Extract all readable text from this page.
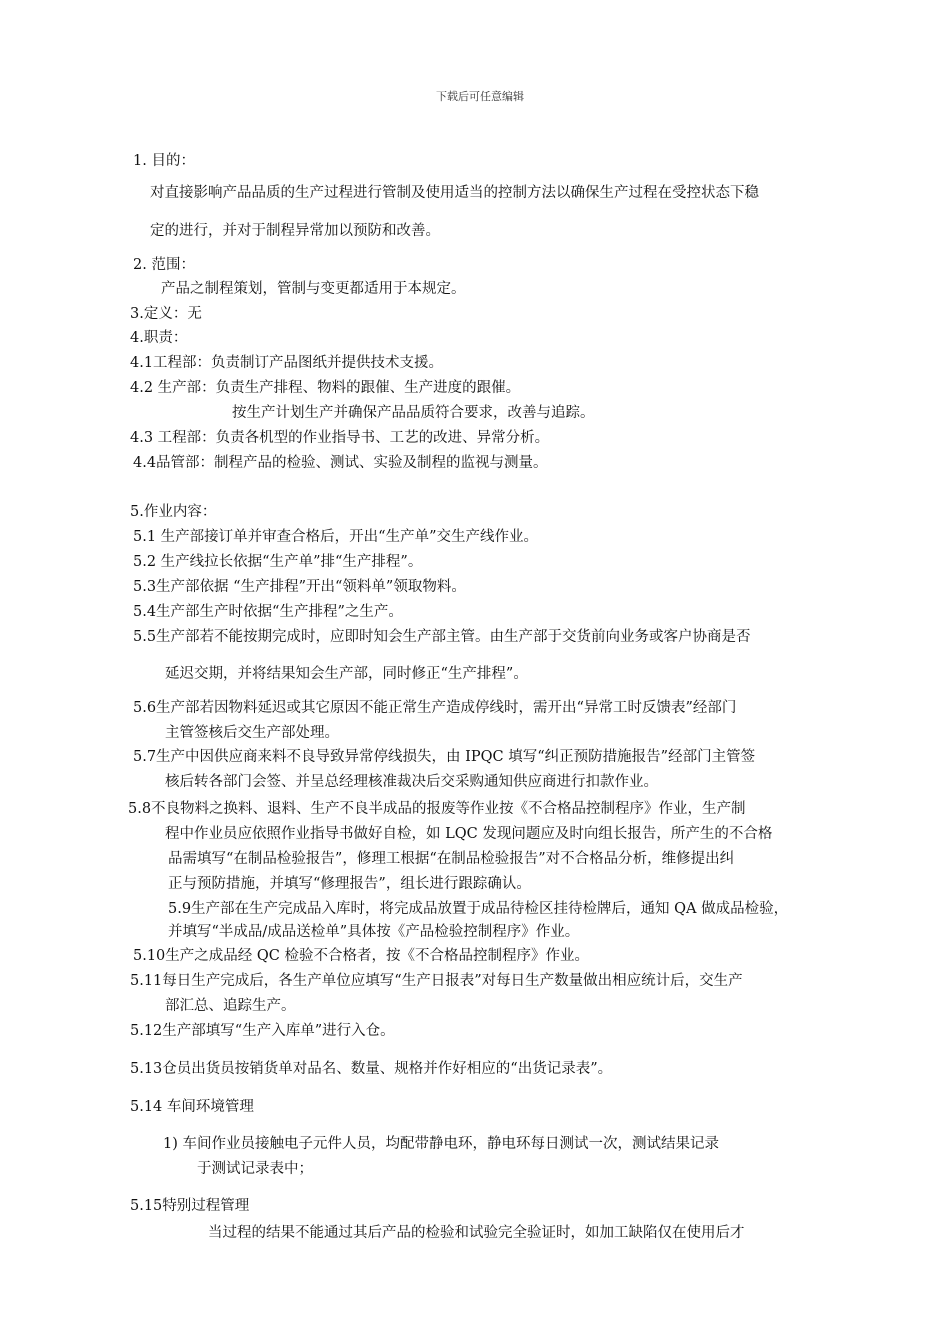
下载后可任意编辑
1. 目的：
对直接影响产品品质的生产过程进行管制及使用适当的控制方法以确保生产过程在受控状态下稳
定的进行，并对于制程异常加以预防和改善。
2. 范围：
产品之制程策划，管制与变更都适用于本规定。
3.定义：无
4.职责：
4.1工程部：负责制订产品图纸并提供技术支援。
4.2 生产部：负责生产排程、物料的跟催、生产进度的跟催。
按生产计划生产并确保产品品质符合要求，改善与追踪。
4.3 工程部：负责各机型的作业指导书、工艺的改进、异常分析。
4.4品管部：制程产品的检验、测试、实验及制程的监视与测量。
5.作业内容：
5.1 生产部接订单并审查合格后，开出“生产单”交生产线作业。
5.2 生产线拉长依据“生产单”排“生产排程”。
5.3生产部依据 “生产排程”开出“领料单”领取物料。
5.4生产部生产时依据“生产排程”之生产。
5.5生产部若不能按期完成时，应即时知会生产部主管。由生产部于交货前向业务或客户协商是否
延迟交期，并将结果知会生产部，同时修正“生产排程”。
5.6生产部若因物料延迟或其它原因不能正常生产造成停线时，需开出“异常工时反馈表”经部门
主管签核后交生产部处理。
5.7生产中因供应商来料不良导致异常停线损失，由 IPQC 填写“纠正预防措施报告”经部门主管签
核后转各部门会签、并呈总经理核准裁决后交采购通知供应商进行扣款作业。
5.8不良物料之换料、退料、生产不良半成品的报废等作业按《不合格品控制程序》作业，生产制
程中作业员应依照作业指导书做好自检，如 LQC 发现问题应及时向组长报告，所产生的不合格
品需填写“在制品检验报告”，修理工根据“在制品检验报告”对不合格品分析，维修提出纠
正与预防措施，并填写“修理报告”，组长进行跟踪确认。
5.9生产部在生产完成品入库时，将完成品放置于成品待检区挂待检牌后，通知 QA 做成品检验，
并填写“半成品/成品送检单”具体按《产品检验控制程序》作业。
5.10生产之成品经 QC 检验不合格者，按《不合格品控制程序》作业。
5.11每日生产完成后，各生产单位应填写“生产日报表”对每日生产数量做出相应统计后，交生产
部汇总、追踪生产。
5.12生产部填写“生产入库单”进行入仓。
5.13仓员出货员按销货单对品名、数量、规格并作好相应的“出货记录表”。
5.14 车间环境管理
1) 车间作业员接触电子元件人员，均配带静电环，静电环每日测试一次，测试结果记录
于测试记录表中；
5.15特别过程管理
当过程的结果不能通过其后产品的检验和试验完全验证时，如加工缺陷仅在使用后才
